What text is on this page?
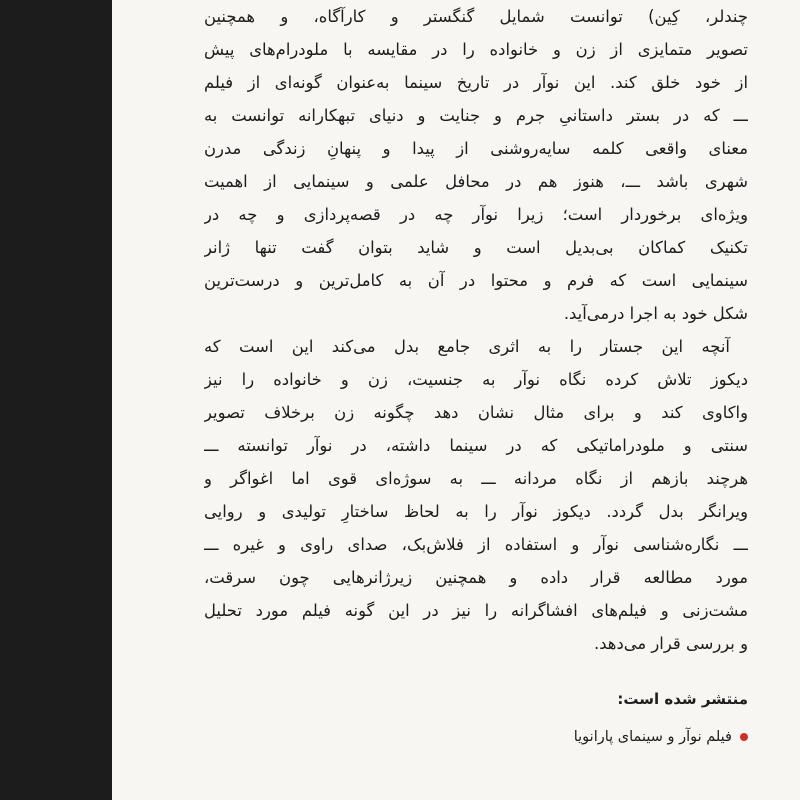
چندلر، کِین) توانست شمایل گنگستر و کارآگاه، و همچنین
تصویر متمایزی از زن و خانواده را در مقایسه با ملودرام‌های پیش
از خود خلق کند. این نوآر در تاریخ سینما به‌عنوان گونه‌ای از فیلم
ـــ که در بستر داستانیِ جرم و جنایت و دنیای تبهکارانه توانست به
معنای واقعی کلمه سایه‌روشنی از پیدا و پنهانِ زندگی مدرن
شهری باشد ـــ، هنوز هم در محافل علمی و سینمایی از اهمیت
ویژه‌ای برخوردار است؛ زیرا نوآر چه در قصه‌پردازی و چه در
تکنیک کماکان بی‌بدیل است و شاید بتوان گفت تنها ژانر
سینمایی است که فرم و محتوا در آن به کامل‌ترین و درست‌ترین
شکل خود به اجرا درمی‌آید.
آنچه این جستار را به اثری جامع بدل می‌کند این است که
دیکوز تلاش کرده نگاه نوآر به جنسیت، زن و خانواده را نیز
واکاوی کند و برای مثال نشان دهد چگونه زن برخلاف تصویر
سنتی و ملودراماتیکی که در سینما داشته، در نوآر توانسته ـــ
هرچند بازهم از نگاه مردانه ـــ به سوژه‌ای قوی اما اغواگر و
ویرانگر بدل گردد. دیکوز نوآر را به لحاظ ساختارِ تولیدی و روایی
ـــ نگاره‌شناسی نوآر و استفاده از فلاش‌بک، صدای راوی و غیره ـــ
مورد مطالعه قرار داده و همچنین زیرژانرهایی چون سرقت،
مشت‌زنی و فیلم‌های افشاگرانه را نیز در این گونه فیلم مورد تحلیل
و بررسی قرار می‌دهد.
منتشر شده است:
فیلم نوآر و سینمای پارانویا
